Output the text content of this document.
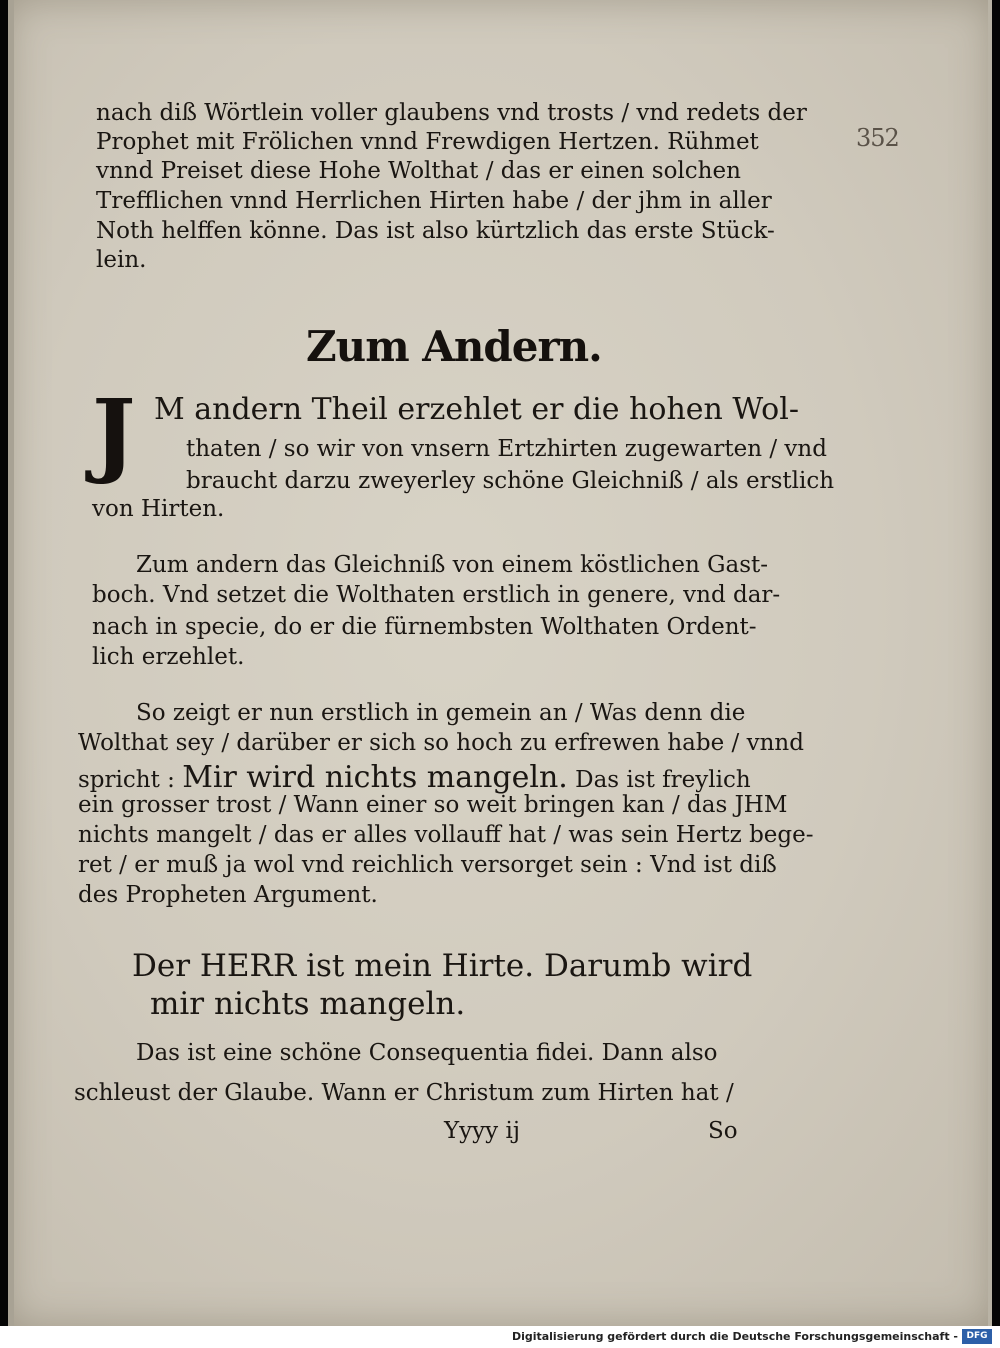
352
nach diß Wörtlein voller glaubens vnd trosts / vnd redets der
Prophet mit Frölichen vnnd Frewdigen Hertzen. Rühmet
vnnd Preiset diese Hohe Wolthat / das er einen solchen
Trefflichen vnnd Herrlichen Hirten habe / der jhm in aller
Noth helffen könne. Das ist also kürtzlich das erste Stück-
lein.
Zum Andern.
J M andern Theil erzehlet er die hohen Wol-
thaten / so wir von vnsern Ertzhirten zugewarten / vnd
braucht darzu zweyerley schöne Gleichniß / als erstlich
von Hirten.
Zum andern das Gleichniß von einem köstlichen Gast-
boch. Vnd setzet die Wolthaten erstlich in genere, vnd dar-
nach in specie, do er die fürnembsten Wolthaten Ordent-
lich erzehlet.
So zeigt er nun erstlich in gemein an / Was denn die
Wolthat sey / darüber er sich so hoch zu erfrewen habe / vnnd
spricht : Mir wird nichts mangeln. Das ist freylich
ein grosser trost / Wann einer so weit bringen kan / das JHM
nichts mangelt / das er alles vollauff hat / was sein Hertz bege-
ret / er muß ja wol vnd reichlich versorget sein : Vnd ist diß
des Propheten Argument.
Der HERR ist mein Hirte. Darumb wird
mir nichts mangeln.
Das ist eine schöne Consequentia fidei. Dann also
schleust der Glaube. Wann er Christum zum Hirten hat /
Yyyy ij	So
Digitalisierung gefördert durch die Deutsche Forschungsgemeinschaft - DFG
